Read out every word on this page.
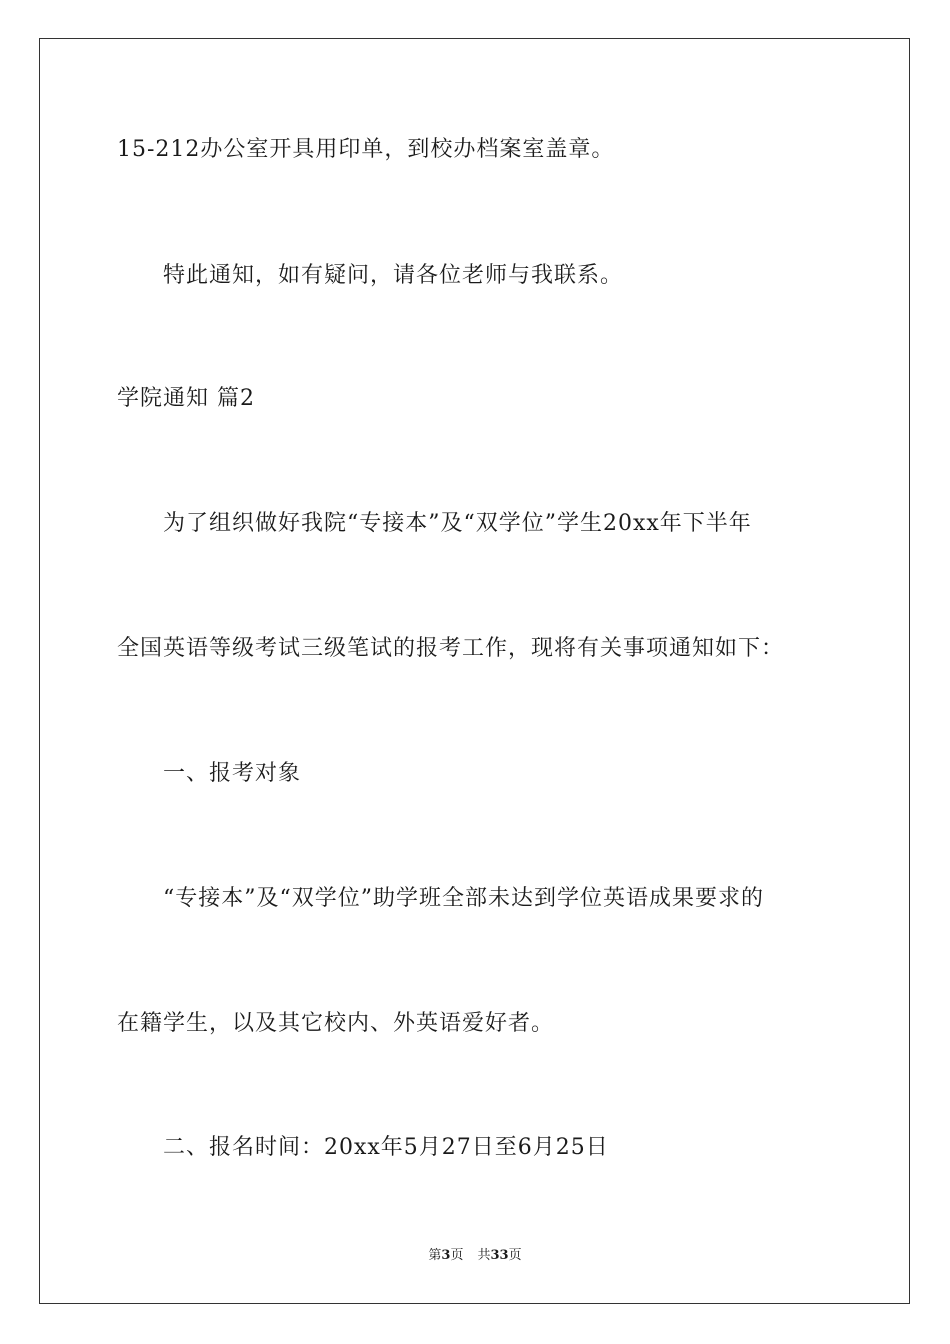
15-212办公室开具用印单，到校办档案室盖章。
特此通知，如有疑问，请各位老师与我联系。
学院通知 篇2
为了组织做好我院“专接本”及“双学位”学生20xx年下半年
全国英语等级考试三级笔试的报考工作，现将有关事项通知如下：
一、报考对象
“专接本”及“双学位”助学班全部未达到学位英语成果要求的
在籍学生，以及其它校内、外英语爱好者。
二、报名时间：20xx年5月27日至6月25日
第3页 共33页
